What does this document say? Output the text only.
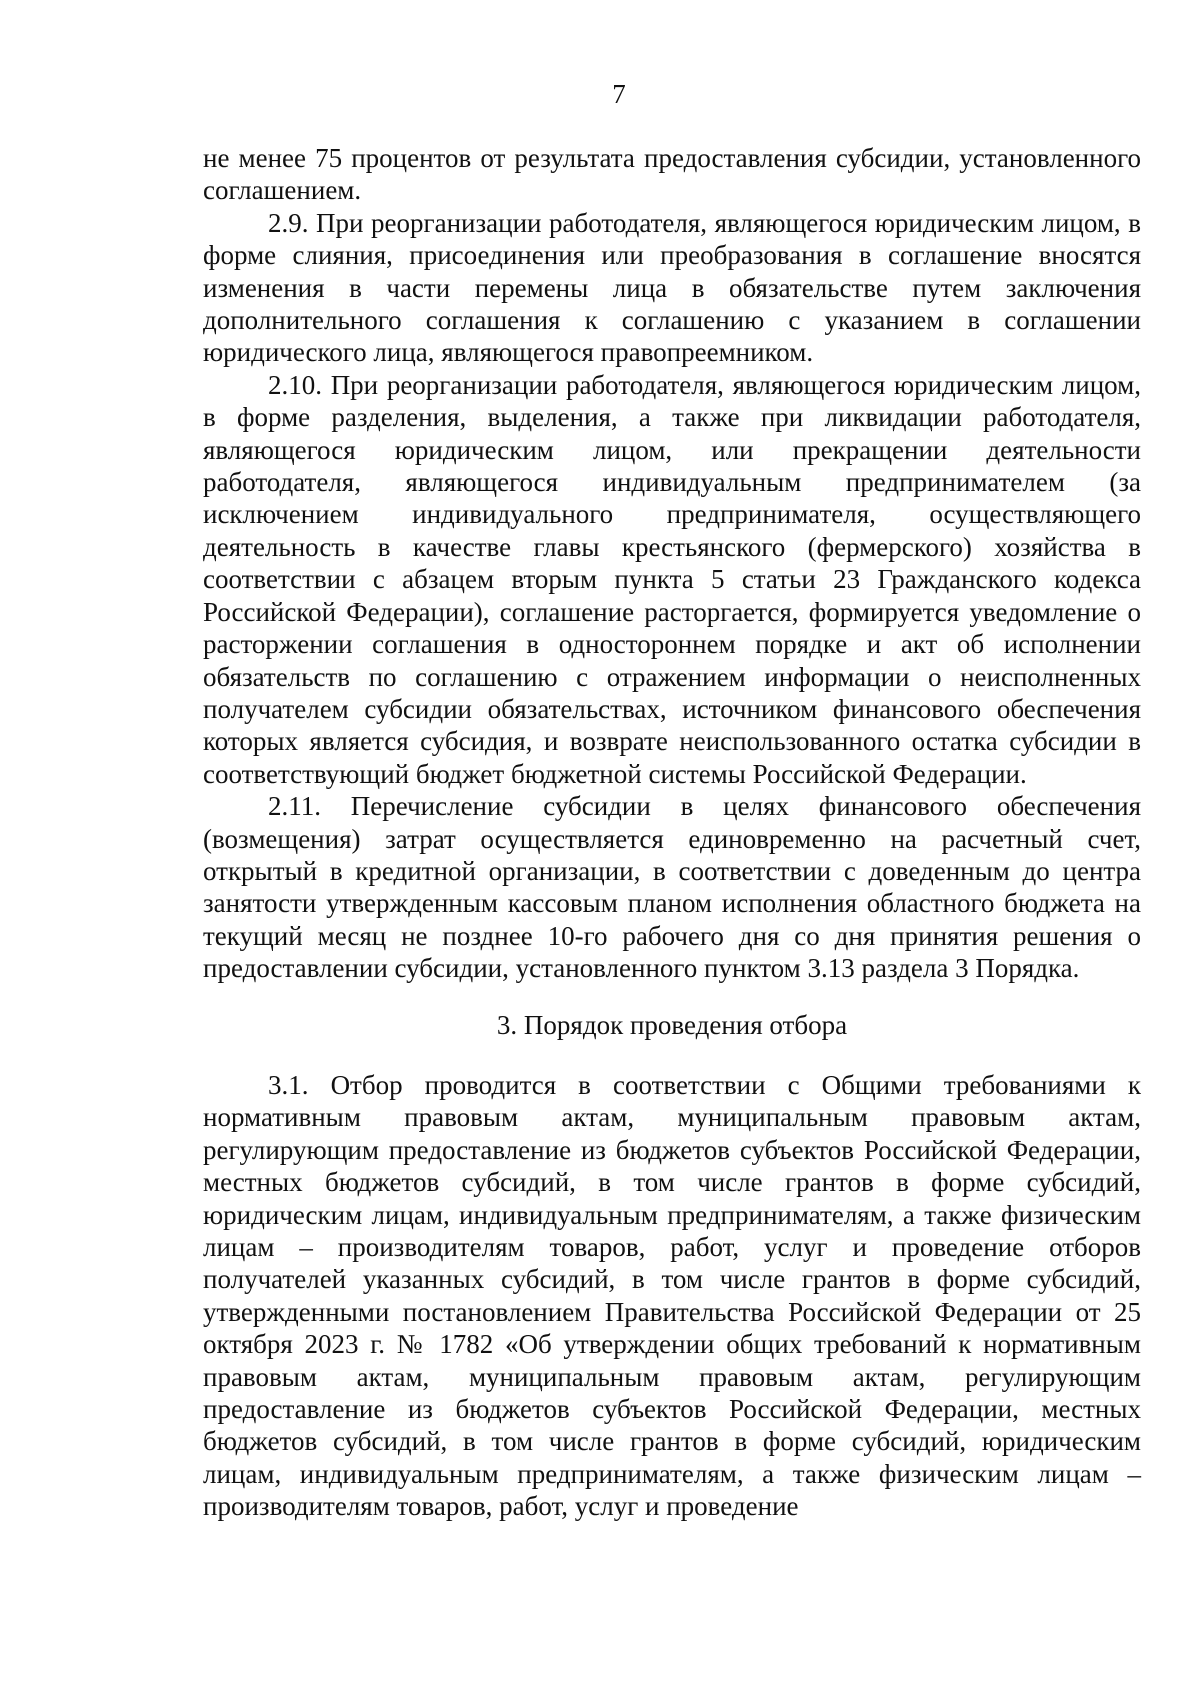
7

не менее 75 процентов от результата предоставления субсидии, установленного соглашением.

2.9. При реорганизации работодателя, являющегося юридическим лицом, в форме слияния, присоединения или преобразования в соглашение вносятся изменения в части перемены лица в обязательстве путем заключения дополнительного соглашения к соглашению с указанием в соглашении юридического лица, являющегося правопреемником.

2.10. При реорганизации работодателя, являющегося юридическим лицом, в форме разделения, выделения, а также при ликвидации работодателя, являющегося юридическим лицом, или прекращении деятельности работодателя, являющегося индивидуальным предпринимателем (за исключением индивидуального предпринимателя, осуществляющего деятельность в качестве главы крестьянского (фермерского) хозяйства в соответствии с абзацем вторым пункта 5 статьи 23 Гражданского кодекса Российской Федерации), соглашение расторгается, формируется уведомление о расторжении соглашения в одностороннем порядке и акт об исполнении обязательств по соглашению с отражением информации о неисполненных получателем субсидии обязательствах, источником финансового обеспечения которых является субсидия, и возврате неиспользованного остатка субсидии в соответствующий бюджет бюджетной системы Российской Федерации.

2.11. Перечисление субсидии в целях финансового обеспечения (возмещения) затрат осуществляется единовременно на расчетный счет, открытый в кредитной организации, в соответствии с доведенным до центра занятости утвержденным кассовым планом исполнения областного бюджета на текущий месяц не позднее 10-го рабочего дня со дня принятия решения о предоставлении субсидии, установленного пунктом 3.13 раздела 3 Порядка.

3. Порядок проведения отбора

3.1. Отбор проводится в соответствии с Общими требованиями к нормативным правовым актам, муниципальным правовым актам, регулирующим предоставление из бюджетов субъектов Российской Федерации, местных бюджетов субсидий, в том числе грантов в форме субсидий, юридическим лицам, индивидуальным предпринимателям, а также физическим лицам – производителям товаров, работ, услуг и проведение отборов получателей указанных субсидий, в том числе грантов в форме субсидий, утвержденными постановлением Правительства Российской Федерации от 25 октября 2023 г. № 1782 «Об утверждении общих требований к нормативным правовым актам, муниципальным правовым актам, регулирующим предоставление из бюджетов субъектов Российской Федерации, местных бюджетов субсидий, в том числе грантов в форме субсидий, юридическим лицам, индивидуальным предпринимателям, а также физическим лицам – производителям товаров, работ, услуг и проведение
